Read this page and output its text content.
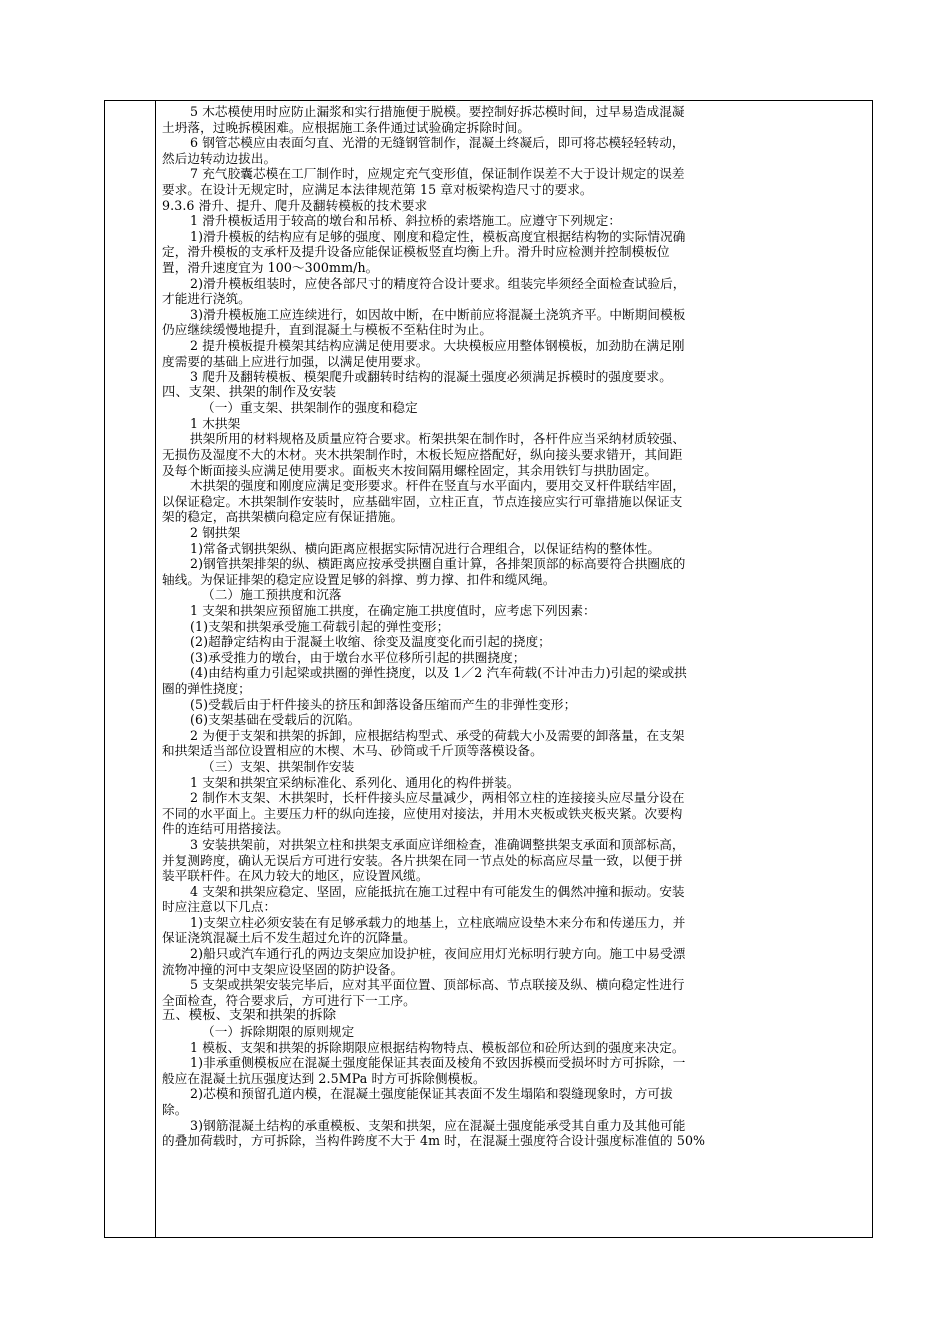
5 木芯模使用时应防止漏浆和实行措施便于脱模。要控制好拆芯模时间，过早易造成混凝
土坍落，过晚拆模困难。应根据施工条件通过试验确定拆除时间。
6 钢管芯模应由表面匀直、光滑的无缝钢管制作，混凝土终凝后，即可将芯模轻轻转动，
然后边转动边拔出。
7 充气胶囊芯模在工厂制作时，应规定充气变形值，保证制作误差不大于设计规定的误差
要求。在设计无规定时，应满足本法律规范第 15 章对板梁构造尺寸的要求。
9.3.6 滑升、提升、爬升及翻转模板的技术要求
1 滑升模板适用于较高的墩台和吊桥、斜拉桥的索塔施工。应遵守下列规定：
1)滑升模板的结构应有足够的强度、刚度和稳定性，模板高度宜根据结构物的实际情况确
定，滑升模板的支承杆及提升设备应能保证模板竖直均衡上升。滑升时应检测并控制模板位
置，滑升速度宜为 100～300mm/h。
2)滑升模板组装时，应使各部尺寸的精度符合设计要求。组装完毕须经全面检查试验后，
才能进行浇筑。
3)滑升模板施工应连续进行，如因故中断，在中断前应将混凝土浇筑齐平。中断期间模板
仍应继续缓慢地提升，直到混凝土与模板不至粘住时为止。
2 提升模板提升模架其结构应满足使用要求。大块模板应用整体钢模板，加劲肋在满足刚
度需要的基础上应进行加强，以满足使用要求。
3 爬升及翻转模板、模架爬升或翻转时结构的混凝土强度必须满足拆模时的强度要求。
四、支架、拱架的制作及安装
（一）重支架、拱架制作的强度和稳定
1 木拱架
拱架所用的材料规格及质量应符合要求。桁架拱架在制作时，各杆件应当采纳材质较强、
无损伤及湿度不大的木材。夹木拱架制作时，木板长短应搭配好，纵向接头要求错开，其间距
及每个断面接头应满足使用要求。面板夹木按间隔用螺栓固定，其余用铁钉与拱肋固定。
木拱架的强度和刚度应满足变形要求。杆件在竖直与水平面内，要用交叉杆件联结牢固，
以保证稳定。木拱架制作安装时，应基础牢固，立柱正直，节点连接应实行可靠措施以保证支
架的稳定，高拱架横向稳定应有保证措施。
2 钢拱架
1)常备式钢拱架纵、横向距离应根据实际情况进行合理组合，以保证结构的整体性。
2)钢管拱架排架的纵、横距离应按承受拱圈自重计算，各排架顶部的标高要符合拱圈底的
轴线。为保证排架的稳定应设置足够的斜撑、剪力撑、扣件和缆风绳。
（二）施工预拱度和沉落
1 支架和拱架应预留施工拱度，在确定施工拱度值时，应考虑下列因素：
(1)支架和拱架承受施工荷载引起的弹性变形；
(2)超静定结构由于混凝土收缩、徐变及温度变化而引起的挠度；
(3)承受推力的墩台，由于墩台水平位移所引起的拱圈挠度；
(4)由结构重力引起梁或拱圈的弹性挠度，以及 1／2 汽车荷载(不计冲击力)引起的梁或拱
圈的弹性挠度；
(5)受载后由于杆件接头的挤压和卸落设备压缩而产生的非弹性变形；
(6)支架基础在受载后的沉陷。
2 为便于支架和拱架的拆卸，应根据结构型式、承受的荷载大小及需要的卸落量，在支架
和拱架适当部位设置相应的木楔、木马、砂筒或千斤顶等落模设备。
（三）支架、拱架制作安装
1 支架和拱架宜采纳标准化、系列化、通用化的构件拼装。
2 制作木支架、木拱架时，长杆件接头应尽量减少，两相邻立柱的连接接头应尽量分设在
不同的水平面上。主要压力杆的纵向连接，应使用对接法，并用木夹板或铁夹板夹紧。次要构
件的连结可用搭接法。
3 安装拱架前，对拱架立柱和拱架支承面应详细检查，准确调整拱架支承面和顶部标高，
并复测跨度，确认无误后方可进行安装。各片拱架在同一节点处的标高应尽量一致，以便于拼
装平联杆件。在风力较大的地区，应设置风缆。
4 支架和拱架应稳定、坚固，应能抵抗在施工过程中有可能发生的偶然冲撞和振动。安装
时应注意以下几点：
1)支架立柱必须安装在有足够承载力的地基上，立柱底端应设垫木来分布和传递压力，并
保证浇筑混凝土后不发生超过允许的沉降量。
2)船只或汽车通行孔的两边支架应加设护桩，夜间应用灯光标明行驶方向。施工中易受漂
流物冲撞的河中支架应设坚固的防护设备。
5 支架或拱架安装完毕后，应对其平面位置、顶部标高、节点联接及纵、横向稳定性进行
全面检查，符合要求后，方可进行下一工序。
五、模板、支架和拱架的拆除
（一）拆除期限的原则规定
1 模板、支架和拱架的拆除期限应根据结构物特点、模板部位和砼所达到的强度来决定。
1)非承重侧模板应在混凝土强度能保证其表面及棱角不致因拆模而受损坏时方可拆除，一
般应在混凝土抗压强度达到 2.5MPa 时方可拆除侧模板。
2)芯模和预留孔道内模，在混凝土强度能保证其表面不发生塌陷和裂缝现象时，方可拔
除。
3)钢筋混凝土结构的承重模板、支架和拱架，应在混凝土强度能承受其自重力及其他可能
的叠加荷载时，方可拆除，当构件跨度不大于 4m 时，在混凝土强度符合设计强度标准值的 50%
